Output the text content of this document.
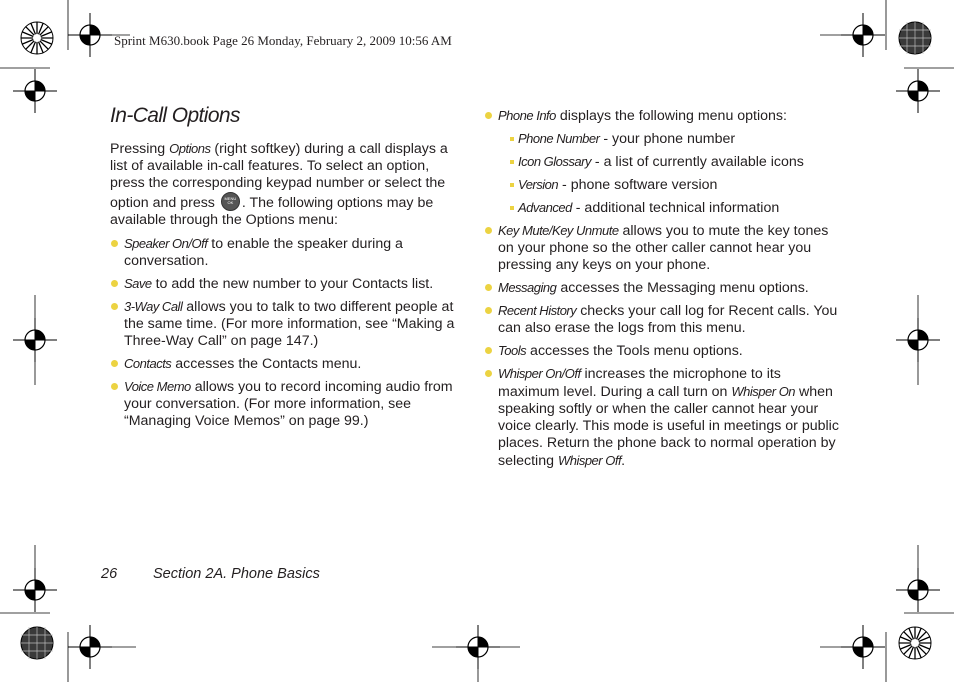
Sprint M630.book Page 26 Monday, February 2, 2009 10:56 AM
In-Call Options

Pressing Options (right softkey) during a call displays a list of available in-call features. To select an option, press the corresponding keypad number or select the option and press	MENU OK . The following options may be available through the Options menu:

Speaker On/Off to enable the speaker during a conversation.

Save to add the new number to your Contacts list.

3-Way Call allows you to talk to two different people at the same time. (For more information, see “Making a Three-Way Call” on page 147.)

Contacts accesses the Contacts menu.

Voice Memo allows you to record incoming audio from your conversation. (For more information, see “Managing Voice Memos” on page 99.)

Phone Info displays the following menu options:

Phone Number - your phone number

Icon Glossary - a list of currently available icons

Version - phone software version

Advanced - additional technical information

Key Mute/Key Unmute allows you to mute the key tones on your phone so the other caller cannot hear you pressing any keys on your phone.

Messaging accesses the Messaging menu options.

Recent History checks your call log for Recent calls. You can also erase the logs from this menu.

Tools accesses the Tools menu options.

Whisper On/Off increases the microphone to its maximum level. During a call turn on Whisper On when speaking softly or when the caller cannot hear your voice clearly. This mode is useful in meetings or public places. Return the phone back to normal operation by selecting Whisper Off.

26 Section 2A. Phone Basics
